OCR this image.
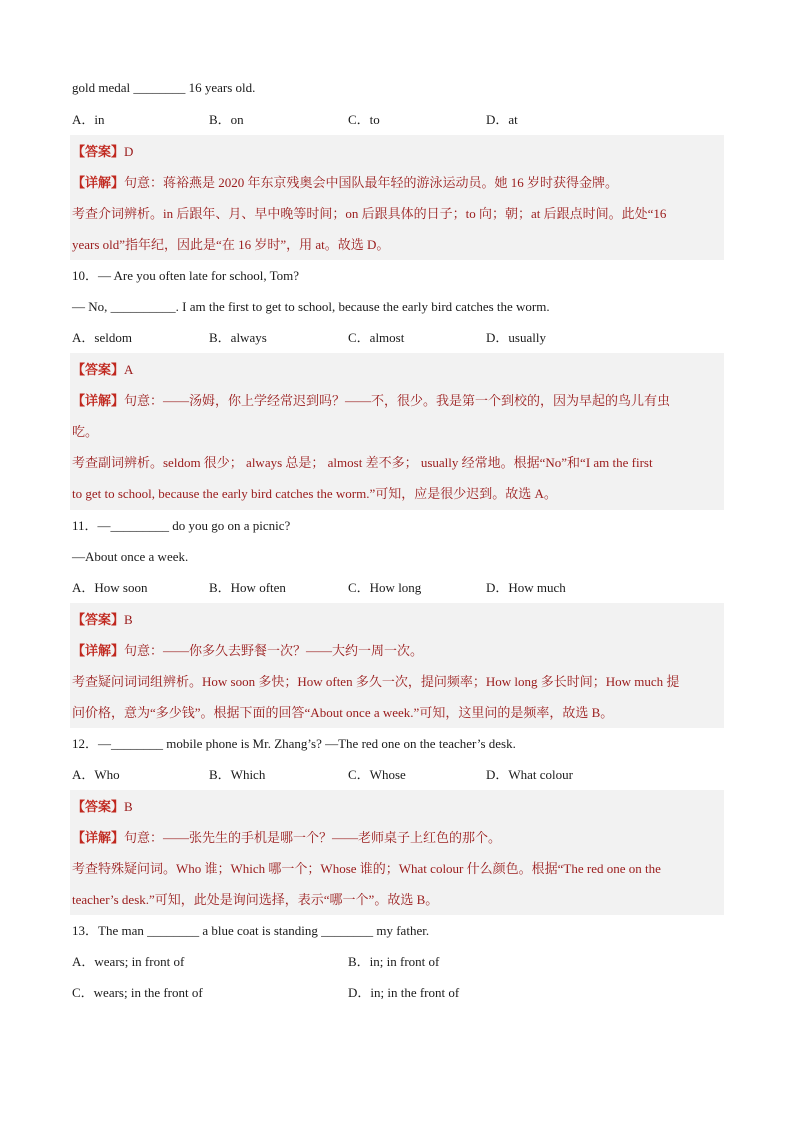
gold medal ________ 16 years old.
A．in	B．on	C．to	D．at
【答案】D
【详解】句意：蒋裕燕是 2020 年东京残奥会中国队最年轻的游泳运动员。她 16 岁时获得金牌。
考查介词辨析。in 后跟年、月、早中晚等时间；on 后跟具体的日子；to 向；朝；at 后跟点时间。此处“16
years old”指年纪，因此是“在 16 岁时”，用 at。故选 D。
10．— Are you often late for school, Tom?
— No, __________. I am the first to get to school, because the early bird catches the worm.
A．seldom	B．always	C．almost	D．usually
【答案】A
【详解】句意：——汤姆，你上学经常迟到吗？——不，很少。我是第一个到校的，因为早起的鸟儿有虫
吃。
考查副词辨析。seldom 很少； always 总是； almost 差不多； usually 经常地。根据“No”和“I am the first
to get to school, because the early bird catches the worm.”可知，应是很少迟到。故选 A。
11．—_________ do you go on a picnic?
—About once a week.
A．How soon	B．How often	C．How long	D．How much
【答案】B
【详解】句意：——你多久去野餐一次？——大约一周一次。
考查疑问词词组辨析。How soon 多快；How often 多久一次，提问频率；How long 多长时间；How much 提
问价格，意为“多少钱”。根据下面的回答“About once a week.”可知，这里问的是频率，故选 B。
12．—________ mobile phone is Mr. Zhang’s? —The red one on the teacher’s desk.
A．Who	B．Which	C．Whose	D．What colour
【答案】B
【详解】句意：——张先生的手机是哪一个？——老师桌子上红色的那个。
考查特殊疑问词。Who 谁；Which 哪一个；Whose 谁的；What colour 什么颜色。根据“The red one on the
teacher’s desk.”可知，此处是询问选择，表示“哪一个”。故选 B。
13．The man ________ a blue coat is standing ________ my father.
A．wears; in front of	B．in; in front of
C．wears; in the front of	D．in; in the front of
